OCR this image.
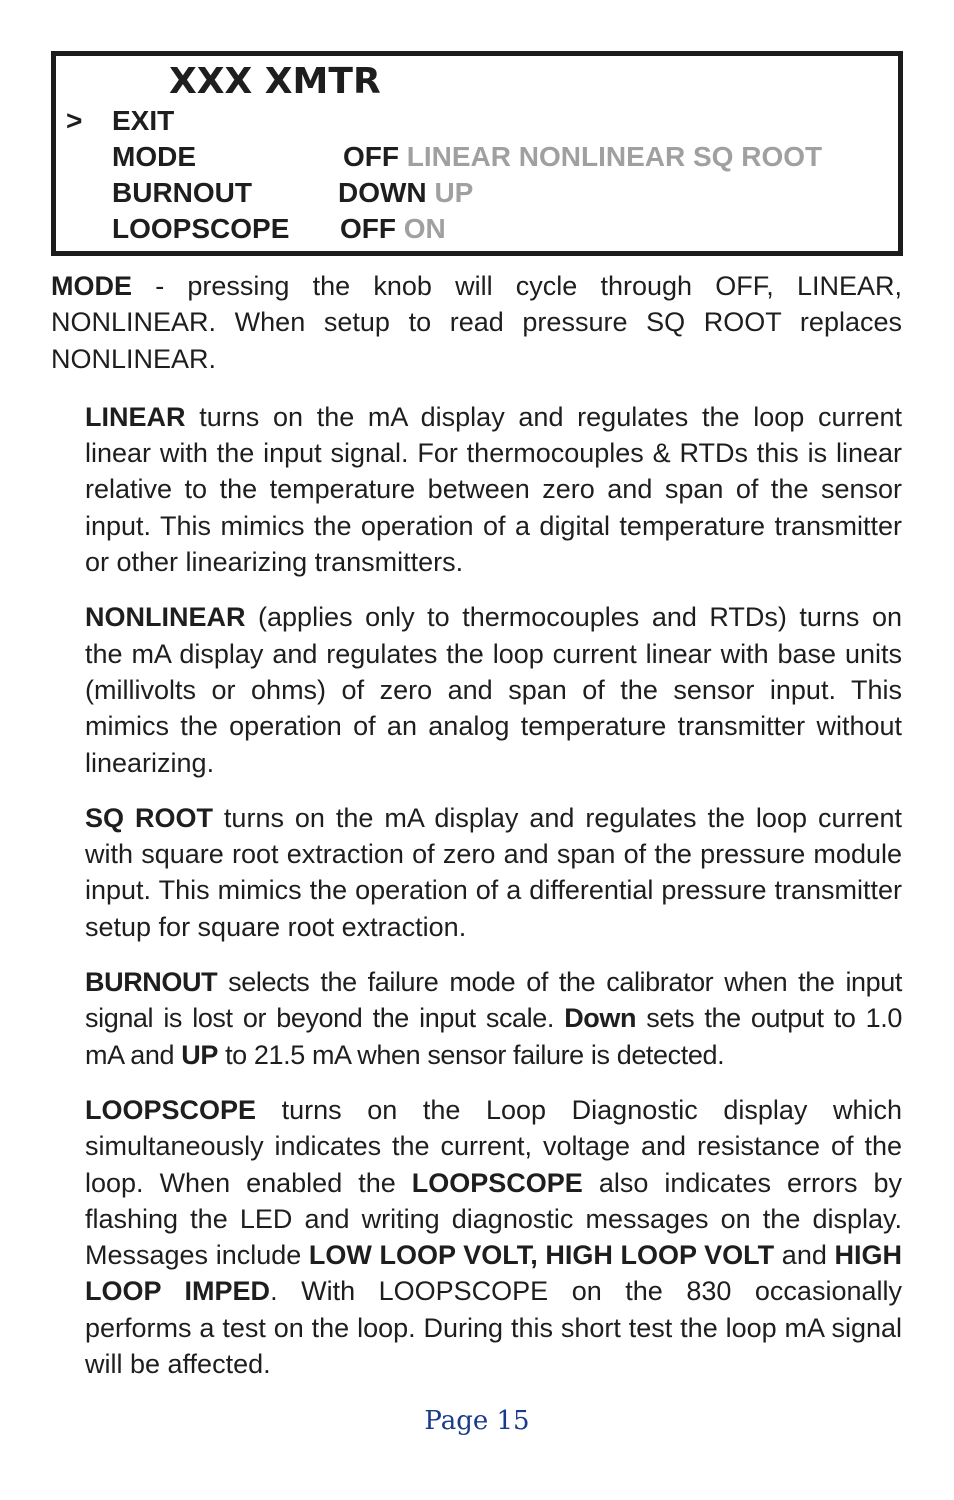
XXX XMTR
> EXIT
MODE	OFF LINEAR NONLINEAR SQ ROOT
BURNOUT	DOWN UP
LOOPSCOPE OFF ON

MODE - pressing the knob will cycle through OFF, LINEAR, NONLINEAR. When setup to read pressure SQ ROOT replaces NONLINEAR.

LINEAR turns on the mA display and regulates the loop current linear with the input signal. For thermocouples & RTDs this is linear relative to the temperature between zero and span of the sensor input. This mimics the operation of a digital temperature transmitter or other linearizing transmitters.

NONLINEAR (applies only to thermocouples and RTDs) turns on the mA display and regulates the loop current linear with base units (millivolts or ohms) of zero and span of the sensor input. This mimics the operation of an analog temperature transmitter without linearizing.

SQ ROOT turns on the mA display and regulates the loop current with square root extraction of zero and span of the pressure module input. This mimics the operation of a differential pressure transmitter setup for square root extraction.

BURNOUT selects the failure mode of the calibrator when the input signal is lost or beyond the input scale. Down sets the output to 1.0 mA and UP to 21.5 mA when sensor failure is detected.

LOOPSCOPE turns on the Loop Diagnostic display which simultaneously indicates the current, voltage and resistance of the loop. When enabled the LOOPSCOPE also indicates errors by flashing the LED and writing diagnostic messages on the display. Messages include LOW LOOP VOLT, HIGH LOOP VOLT and HIGH LOOP IMPED. With LOOPSCOPE on the 830 occasionally performs a test on the loop. During this short test the loop mA signal will be affected.

Page 15
